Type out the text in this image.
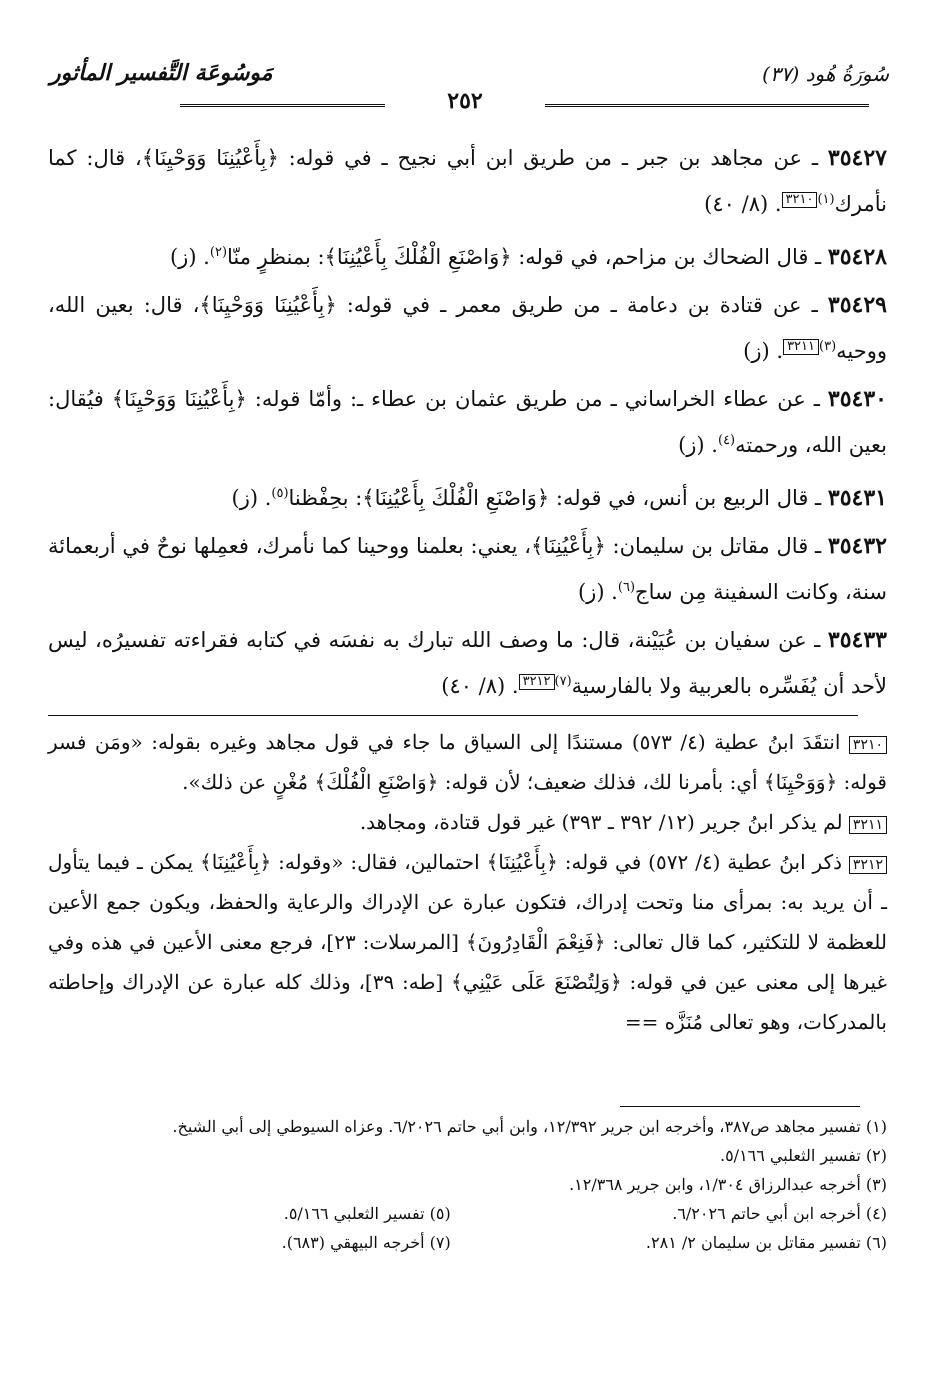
مَوسُوعَة التَّفسير المأثور	سُورَةُ هُود (٣٧)
٢٥٢

٣٥٤٢٧ ـ عن مجاهد بن جبر ـ من طريق ابن أبي نجيح ـ في قوله: ﴿بِأَعْيُنِنَا وَوَحْيِنَا﴾، قال: كما نأمرك$^{(١)}$٣٢١٠. (٨/ ٤٠)

٣٥٤٢٨ ـ قال الضحاك بن مزاحم، في قوله: ﴿وَاصْنَعِ الْفُلْكَ بِأَعْيُنِنَا﴾: بمنظرٍ منّا$^{(٢)}$. (ز)

٣٥٤٢٩ ـ عن قتادة بن دعامة ـ من طريق معمر ـ في قوله: ﴿بِأَعْيُنِنَا وَوَحْيِنَا﴾، قال: بعين الله، ووحيه$^{(٣)}$٣٢١١. (ز)

٣٥٤٣٠ ـ عن عطاء الخراساني ـ من طريق عثمان بن عطاء ـ: وأمّا قوله: ﴿بِأَعْيُنِنَا وَوَحْيِنَا﴾ فيُقال: بعين الله، ورحمته$^{(٤)}$. (ز)

٣٥٤٣١ ـ قال الربيع بن أنس، في قوله: ﴿وَاصْنَعِ الْفُلْكَ بِأَعْيُنِنَا﴾: بحِفْظنا$^{(٥)}$. (ز)

٣٥٤٣٢ ـ قال مقاتل بن سليمان: ﴿بِأَعْيُنِنَا﴾، يعني: بعلمنا ووحينا كما نأمرك، فعمِلها نوحٌ في أربعمائة سنة، وكانت السفينة مِن ساج$^{(٦)}$. (ز)

٣٥٤٣٣ ـ عن سفيان بن عُيَيْنة، قال: ما وصف الله تبارك به نفسَه في كتابه فقراءته تفسيرُه، ليس لأحد أن يُفَسِّره بالعربية ولا بالفارسية$^{(٧)}$٣٢١٢. (٨/ ٤٠)

٣٢١٠ انتقَدَ ابنُ عطية (٤/ ٥٧٣) مستندًا إلى السياق ما جاء في قول مجاهد وغيره بقوله: «ومَن فسر قوله: ﴿وَوَحْيِنَا﴾ أي: بأمرنا لك، فذلك ضعيف؛ لأن قوله: ﴿وَاصْنَعِ الْفُلْكَ﴾ مُغْنٍ عن ذلك».

٣٢١١ لم يذكر ابنُ جرير (١٢/ ٣٩٢ ـ ٣٩٣) غير قول قتادة، ومجاهد.

٣٢١٢ ذكر ابنُ عطية (٤/ ٥٧٢) في قوله: ﴿بِأَعْيُنِنَا﴾ احتمالين، فقال: «وقوله: ﴿بِأَعْيُنِنَا﴾ يمكن ـ فيما يتأول ـ أن يريد به: بمرأى منا وتحت إدراك، فتكون عبارة عن الإدراك والرعاية والحفظ، ويكون جمع الأعين للعظمة لا للتكثير، كما قال تعالى: ﴿فَنِعْمَ الْقَادِرُونَ﴾ [المرسلات: ٢٣]، فرجع معنى الأعين في هذه وفي غيرها إلى معنى عين في قوله: ﴿وَلِتُصْنَعَ عَلَى عَيْنِي﴾ [طه: ٣٩]، وذلك كله عبارة عن الإدراك وإحاطته بالمدركات، وهو تعالى مُنَزَّه ==

(١) تفسير مجاهد ص٣٨٧، وأخرجه ابن جرير ١٢/٣٩٢، وابن أبي حاتم ٦/٢٠٢٦. وعزاه السيوطي إلى أبي الشيخ.

(٢) تفسير الثعلبي ٥/١٦٦.

(٣) أخرجه عبدالرزاق ١/٣٠٤، وابن جرير ١٢/٣٦٨.

(٤) أخرجه ابن أبي حاتم ٦/٢٠٢٦.
(٥) تفسير الثعلبي ٥/١٦٦.
(٦) تفسير مقاتل بن سليمان ٢/ ٢٨١.
(٧) أخرجه البيهقي (٦٨٣).
